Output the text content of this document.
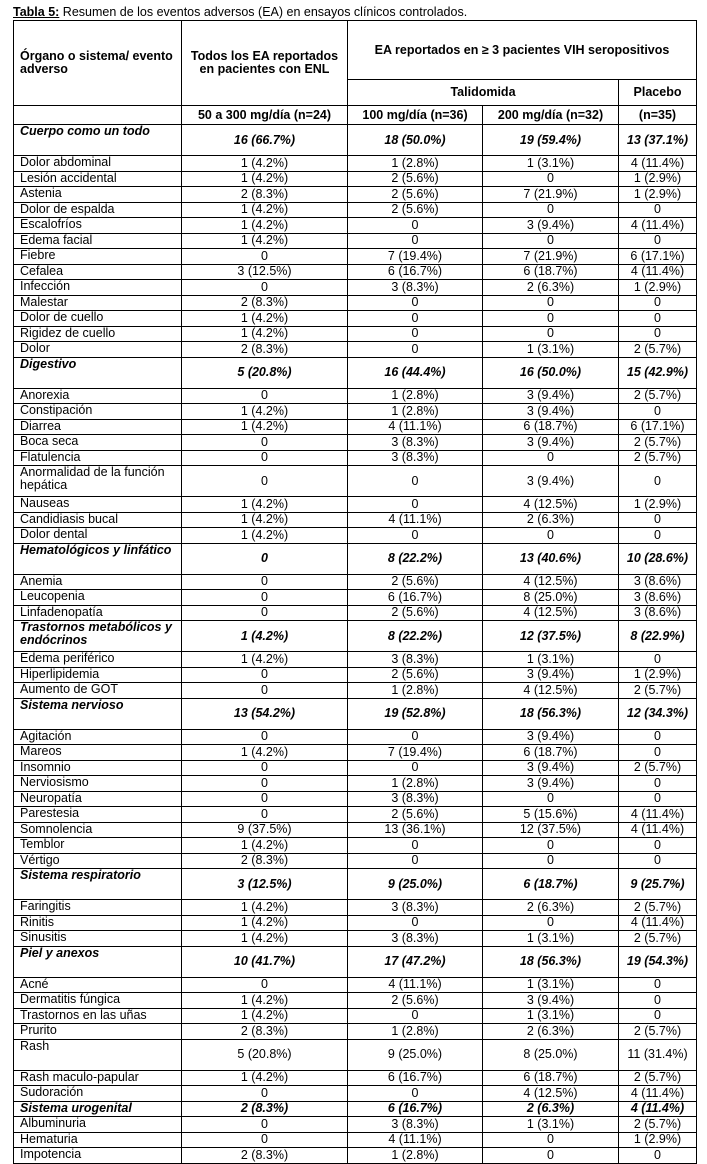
Tabla 5: Resumen de los eventos adversos (EA) en ensayos clínicos controlados.
Órgano o sistema/ evento adverso	Todos los EA reportados en pacientes con ENL	EA reportados en ≥ 3 pacientes VIH seropositivos		
		Talidomida		Placebo
	50 a 300 mg/día (n=24)	100 mg/día (n=36)	200 mg/día (n=32)	(n=35)
Cuerpo como un todo	16 (66.7%)	18 (50.0%)	19 (59.4%)	13 (37.1%)
Dolor abdominal	1 (4.2%)	1 (2.8%)	1 (3.1%)	4 (11.4%)
Lesión accidental	1 (4.2%)	2 (5.6%)	0	1 (2.9%)
Astenia	2 (8.3%)	2 (5.6%)	7 (21.9%)	1 (2.9%)
Dolor de espalda	1 (4.2%)	2 (5.6%)	0	0
Escalofríos	1 (4.2%)	0	3 (9.4%)	4 (11.4%)
Edema facial	1 (4.2%)	0	0	0
Fiebre	0	7 (19.4%)	7 (21.9%)	6 (17.1%)
Cefalea	3 (12.5%)	6 (16.7%)	6 (18.7%)	4 (11.4%)
Infección	0	3 (8.3%)	2 (6.3%)	1 (2.9%)
Malestar	2 (8.3%)	0	0	0
Dolor de cuello	1 (4.2%)	0	0	0
Rigidez de cuello	1 (4.2%)	0	0	0
Dolor	2 (8.3%)	0	1 (3.1%)	2 (5.7%)
Digestivo	5 (20.8%)	16 (44.4%)	16 (50.0%)	15 (42.9%)
Anorexia	0	1 (2.8%)	3 (9.4%)	2 (5.7%)
Constipación	1 (4.2%)	1 (2.8%)	3 (9.4%)	0
Diarrea	1 (4.2%)	4 (11.1%)	6 (18.7%)	6 (17.1%)
Boca seca	0	3 (8.3%)	3 (9.4%)	2 (5.7%)
Flatulencia	0	3 (8.3%)	0	2 (5.7%)
Anormalidad de la función hepática	0	0	3 (9.4%)	0
Nauseas	1 (4.2%)	0	4 (12.5%)	1 (2.9%)
Candidiasis bucal	1 (4.2%)	4 (11.1%)	2 (6.3%)	0
Dolor dental	1 (4.2%)	0	0	0
Hematológicos y linfático	0	8 (22.2%)	13 (40.6%)	10 (28.6%)
Anemia	0	2 (5.6%)	4 (12.5%)	3 (8.6%)
Leucopenia	0	6 (16.7%)	8 (25.0%)	3 (8.6%)
Linfadenopatía	0	2 (5.6%)	4 (12.5%)	3 (8.6%)
Trastornos metabólicos y endócrinos	1 (4.2%)	8 (22.2%)	12 (37.5%)	8 (22.9%)
Edema periférico	1 (4.2%)	3 (8.3%)	1 (3.1%)	0
Hiperlipidemia	0	2 (5.6%)	3 (9.4%)	1 (2.9%)
Aumento de GOT	0	1 (2.8%)	4 (12.5%)	2 (5.7%)
Sistema nervioso	13 (54.2%)	19 (52.8%)	18 (56.3%)	12 (34.3%)
Agitación	0	0	3 (9.4%)	0
Mareos	1 (4.2%)	7 (19.4%)	6 (18.7%)	0
Insomnio	0	0	3 (9.4%)	2 (5.7%)
Nerviosismo	0	1 (2.8%)	3 (9.4%)	0
Neuropatía	0	3 (8.3%)	0	0
Parestesia	0	2 (5.6%)	5 (15.6%)	4 (11.4%)
Somnolencia	9 (37.5%)	13 (36.1%)	12 (37.5%)	4 (11.4%)
Temblor	1 (4.2%)	0	0	0
Vértigo	2 (8.3%)	0	0	0
Sistema respiratorio	3 (12.5%)	9 (25.0%)	6 (18.7%)	9 (25.7%)
Faringitis	1 (4.2%)	3 (8.3%)	2 (6.3%)	2 (5.7%)
Rinitis	1 (4.2%)	0	0	4 (11.4%)
Sinusitis	1 (4.2%)	3 (8.3%)	1 (3.1%)	2 (5.7%)
Piel y anexos	10 (41.7%)	17 (47.2%)	18 (56.3%)	19 (54.3%)
Acné	0	4 (11.1%)	1 (3.1%)	0
Dermatitis fúngica	1 (4.2%)	2 (5.6%)	3 (9.4%)	0
Trastornos en las uñas	1 (4.2%)	0	1 (3.1%)	0
Prurito	2 (8.3%)	1 (2.8%)	2 (6.3%)	2 (5.7%)
Rash	5 (20.8%)	9 (25.0%)	8 (25.0%)	11 (31.4%)
Rash maculo-papular	1 (4.2%)	6 (16.7%)	6 (18.7%)	2 (5.7%)
Sudoración	0	0	4 (12.5%)	4 (11.4%)
Sistema urogenital	2 (8.3%)	6 (16.7%)	2 (6.3%)	4 (11.4%)
Albuminuria	0	3 (8.3%)	1 (3.1%)	2 (5.7%)
Hematuria	0	4 (11.1%)	0	1 (2.9%)
Impotencia	2 (8.3%)	1 (2.8%)	0	0
